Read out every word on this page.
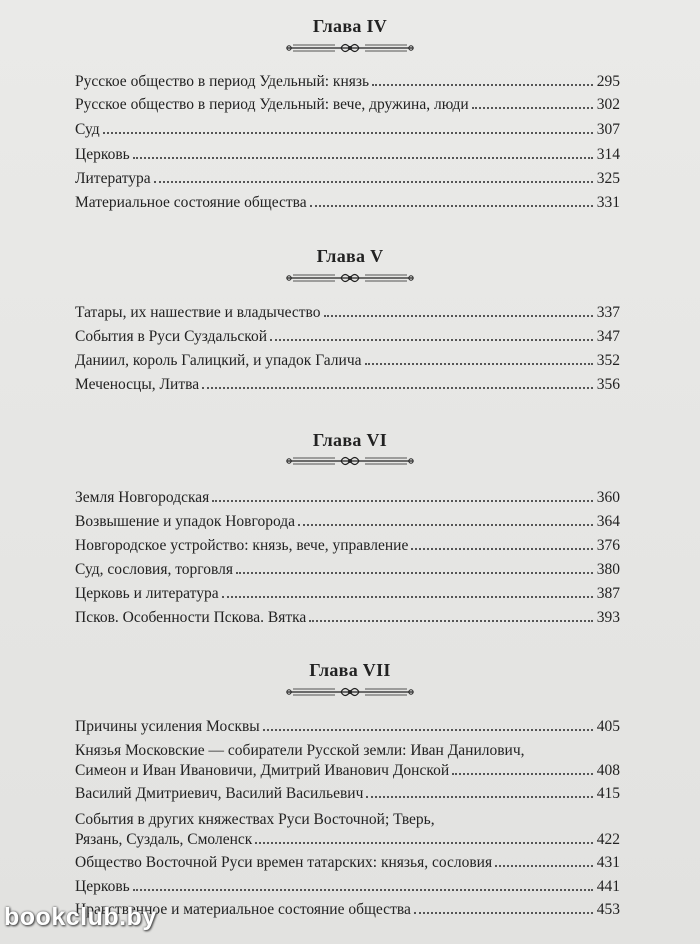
Глава IV
Русское общество в период Удельный: князь	295
Русское общество в период Удельный: вече, дружина, люди	302
Суд	307
Церковь	314
Литература	325
Материальное состояние общества	331
Глава V
Татары, их нашествие и владычество	337
События в Руси Суздальской	347
Даниил, король Галицкий, и упадок Галича	352
Меченосцы, Литва	356
Глава VI
Земля Новгородская	360
Возвышение и упадок Новгорода	364
Новгородское устройство: князь, вече, управление	376
Суд, сословия, торговля	380
Церковь и литература	387
Псков. Особенности Пскова. Вятка	393
Глава VII
Причины усиления Москвы	405
Князья Московские — собиратели Русской земли: Иван Данилович,
Симеон и Иван Ивановичи, Дмитрий Иванович Донской	408
Василий Дмитриевич, Василий Васильевич	415
События в других княжествах Руси Восточной; Тверь,
Рязань, Суздаль, Смоленск	422
Общество Восточной Руси времен татарских: князья, сословия	431
Церковь	441
Нравственное и материальное состояние общества	453
bookclub.by
